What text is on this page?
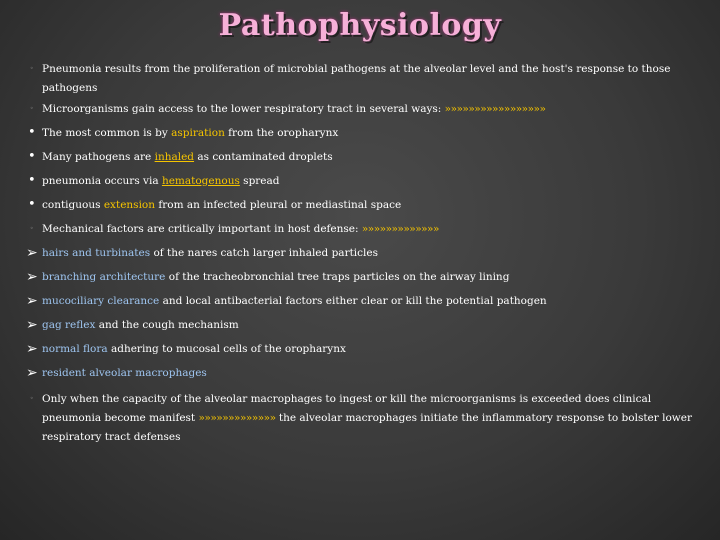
Pathophysiology
◦ Pneumonia results from the proliferation of microbial pathogens at the alveolar level and the host's response to those pathogens
◦ Microorganisms gain access to the lower respiratory tract in several ways: »»»»»»»»»»»»»»»»»
• The most common is by aspiration from the oropharynx
• Many pathogens are inhaled as contaminated droplets
• pneumonia occurs via hematogenous spread
• contiguous extension from an infected pleural or mediastinal space
◦ Mechanical factors are critically important in host defense: »»»»»»»»»»»»»
➢ hairs and turbinates of the nares catch larger inhaled particles
➢ branching architecture of the tracheobronchial tree traps particles on the airway lining
➢ mucociliary clearance and local antibacterial factors either clear or kill the potential pathogen
➢ gag reflex and the cough mechanism
➢ normal flora adhering to mucosal cells of the oropharynx
➢ resident alveolar macrophages
◦ Only when the capacity of the alveolar macrophages to ingest or kill the microorganisms is exceeded does clinical pneumonia become manifest »»»»»»»»»»»»» the alveolar macrophages initiate the inflammatory response to bolster lower respiratory tract defenses
